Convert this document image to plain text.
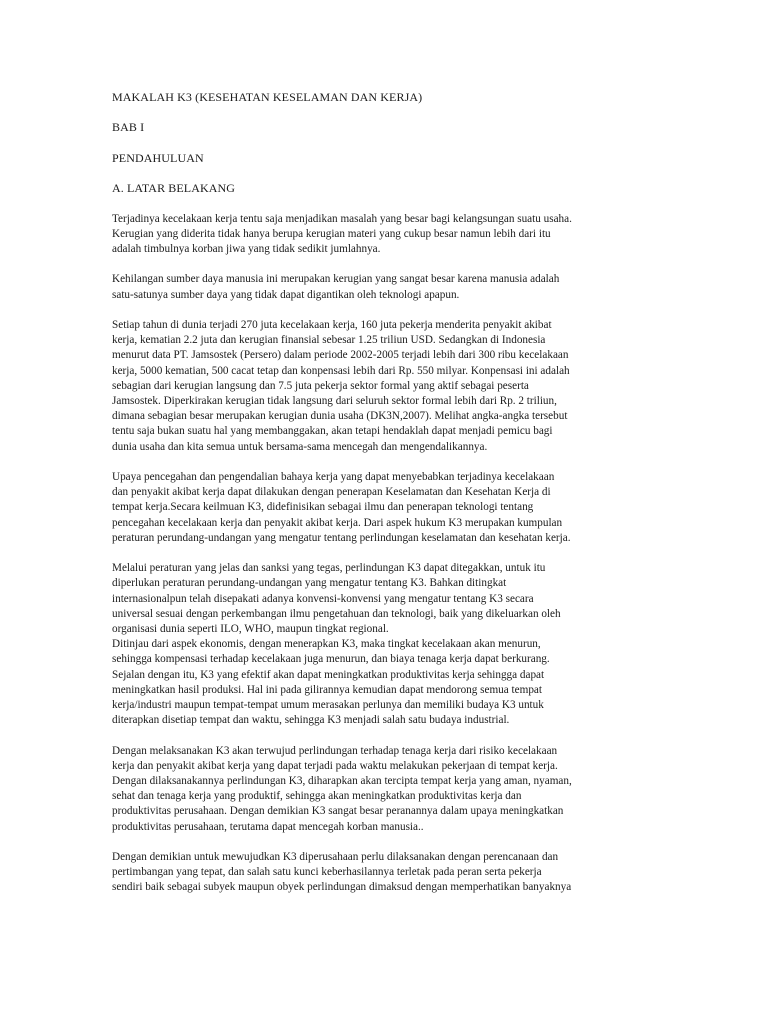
MAKALAH K3 (KESEHATAN KESELAMAN DAN KERJA)
BAB I
PENDAHULUAN
A. LATAR BELAKANG
Terjadinya kecelakaan kerja tentu saja menjadikan masalah yang besar bagi kelangsungan suatu usaha.
Kerugian yang diderita tidak hanya berupa kerugian materi yang cukup besar namun lebih dari itu
adalah timbulnya korban jiwa yang tidak sedikit jumlahnya.
Kehilangan sumber daya manusia ini merupakan kerugian yang sangat besar karena manusia adalah
satu-satunya sumber daya yang tidak dapat digantikan oleh teknologi apapun.
Setiap tahun di dunia terjadi 270 juta kecelakaan kerja, 160 juta pekerja menderita penyakit akibat
kerja, kematian 2.2 juta dan kerugian finansial sebesar 1.25 triliun USD. Sedangkan di Indonesia
menurut data PT. Jamsostek (Persero) dalam periode 2002-2005 terjadi lebih dari 300 ribu kecelakaan
kerja, 5000 kematian, 500 cacat tetap dan konpensasi lebih dari Rp. 550 milyar. Konpensasi ini adalah
sebagian dari kerugian langsung dan 7.5 juta pekerja sektor formal yang aktif sebagai peserta
Jamsostek. Diperkirakan kerugian tidak langsung dari seluruh sektor formal lebih dari Rp. 2 triliun,
dimana sebagian besar merupakan kerugian dunia usaha (DK3N,2007). Melihat angka-angka tersebut
tentu saja bukan suatu hal yang membanggakan, akan tetapi hendaklah dapat menjadi pemicu bagi
dunia usaha dan kita semua untuk bersama-sama mencegah dan mengendalikannya.
Upaya pencegahan dan pengendalian bahaya kerja yang dapat menyebabkan terjadinya kecelakaan
dan penyakit akibat kerja dapat dilakukan dengan penerapan Keselamatan dan Kesehatan Kerja di
tempat kerja.Secara keilmuan K3, didefinisikan sebagai ilmu dan penerapan teknologi tentang
pencegahan kecelakaan kerja dan penyakit akibat kerja. Dari aspek hukum K3 merupakan kumpulan
peraturan perundang-undangan yang mengatur tentang perlindungan keselamatan dan kesehatan kerja.
Melalui peraturan yang jelas dan sanksi yang tegas, perlindungan K3 dapat ditegakkan, untuk itu
diperlukan peraturan perundang-undangan yang mengatur tentang K3. Bahkan ditingkat
internasionalpun telah disepakati adanya konvensi-konvensi yang mengatur tentang K3 secara
universal sesuai dengan perkembangan ilmu pengetahuan dan teknologi, baik yang dikeluarkan oleh
organisasi dunia seperti ILO, WHO, maupun tingkat regional.
Ditinjau dari aspek ekonomis, dengan menerapkan K3, maka tingkat kecelakaan akan menurun,
sehingga kompensasi terhadap kecelakaan juga menurun, dan biaya tenaga kerja dapat berkurang.
Sejalan dengan itu, K3 yang efektif akan dapat meningkatkan produktivitas kerja sehingga dapat
meningkatkan hasil produksi. Hal ini pada gilirannya kemudian dapat mendorong semua tempat
kerja/industri maupun tempat-tempat umum merasakan perlunya dan memiliki budaya K3 untuk
diterapkan disetiap tempat dan waktu, sehingga K3 menjadi salah satu budaya industrial.
Dengan melaksanakan K3 akan terwujud perlindungan terhadap tenaga kerja dari risiko kecelakaan
kerja dan penyakit akibat kerja yang dapat terjadi pada waktu melakukan pekerjaan di tempat kerja.
Dengan dilaksanakannya perlindungan K3, diharapkan akan tercipta tempat kerja yang aman, nyaman,
sehat dan tenaga kerja yang produktif, sehingga akan meningkatkan produktivitas kerja dan
produktivitas perusahaan. Dengan demikian K3 sangat besar peranannya dalam upaya meningkatkan
produktivitas perusahaan, terutama dapat mencegah korban manusia..
Dengan demikian untuk mewujudkan K3 diperusahaan perlu dilaksanakan dengan perencanaan dan
pertimbangan yang tepat, dan salah satu kunci keberhasilannya terletak pada peran serta pekerja
sendiri baik sebagai subyek maupun obyek perlindungan dimaksud dengan memperhatikan banyaknya
